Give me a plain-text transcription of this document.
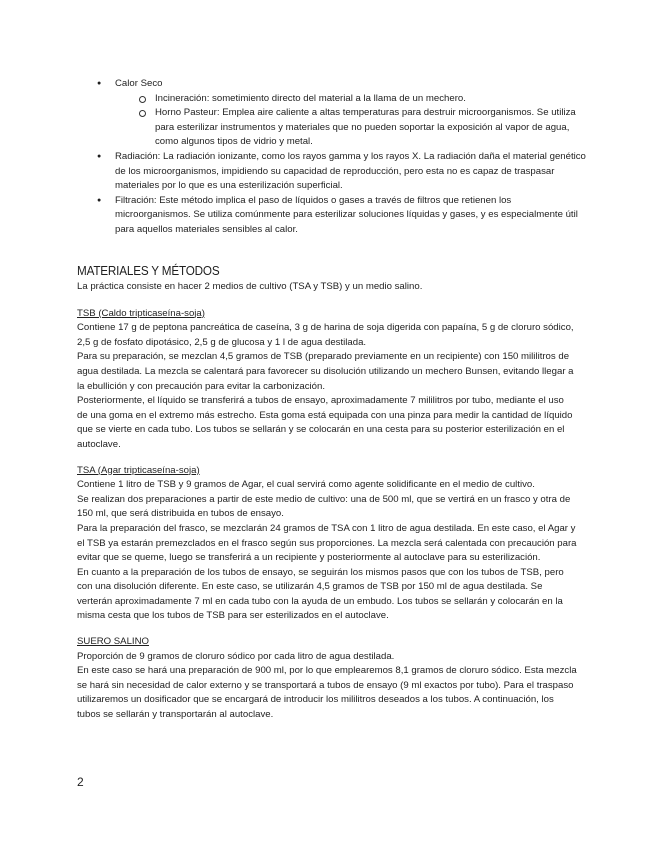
● Calor Seco
Incineración: sometimiento directo del material a la llama de un mechero.
Horno Pasteur: Emplea aire caliente a altas temperaturas para destruir microorganismos. Se utiliza para esterilizar instrumentos y materiales que no pueden soportar la exposición al vapor de agua, como algunos tipos de vidrio y metal.
● Radiación: La radiación ionizante, como los rayos gamma y los rayos X. La radiación daña el material genético de los microorganismos, impidiendo su capacidad de reproducción, pero esta no es capaz de traspasar materiales por lo que es una esterilización superficial.
● Filtración: Este método implica el paso de líquidos o gases a través de filtros que retienen los microorganismos. Se utiliza comúnmente para esterilizar soluciones líquidas y gases, y es especialmente útil para aquellos materiales sensibles al calor.
MATERIALES Y MÉTODOS

La práctica consiste en hacer 2 medios de cultivo (TSA y TSB) y un medio salino.

TSB (Caldo tripticaseína-soja)

Contiene 17 g de peptona pancreática de caseína, 3 g de harina de soja digerida con papaína, 5 g de cloruro sódico, 2,5 g de fosfato dipotásico, 2,5 g de glucosa y 1 l de agua destilada.

Para su preparación, se mezclan 4,5 gramos de TSB (preparado previamente en un recipiente) con 150 mililitros de agua destilada. La mezcla se calentará para favorecer su disolución utilizando un mechero Bunsen, evitando llegar a la ebullición y con precaución para evitar la carbonización.

Posteriormente, el líquido se transferirá a tubos de ensayo, aproximadamente 7 mililitros por tubo, mediante el uso de una goma en el extremo más estrecho. Esta goma está equipada con una pinza para medir la cantidad de líquido que se vierte en cada tubo. Los tubos se sellarán y se colocarán en una cesta para su posterior esterilización en el autoclave.

TSA (Agar tripticaseína-soja)

Contiene 1 litro de TSB y 9 gramos de Agar, el cual servirá como agente solidificante en el medio de cultivo.

Se realizan dos preparaciones a partir de este medio de cultivo: una de 500 ml, que se vertirá en un frasco y otra de 150 ml, que será distribuida en tubos de ensayo.

Para la preparación del frasco, se mezclarán 24 gramos de TSA con 1 litro de agua destilada. En este caso, el Agar y el TSB ya estarán premezclados en el frasco según sus proporciones. La mezcla será calentada con precaución para evitar que se queme, luego se transferirá a un recipiente y posteriormente al autoclave para su esterilización.

En cuanto a la preparación de los tubos de ensayo, se seguirán los mismos pasos que con los tubos de TSB, pero con una disolución diferente. En este caso, se utilizarán 4,5 gramos de TSB por 150 ml de agua destilada. Se verterán aproximadamente 7 ml en cada tubo con la ayuda de un embudo. Los tubos se sellarán y colocarán en la misma cesta que los tubos de TSB para ser esterilizados en el autoclave.

SUERO SALINO

Proporción de 9 gramos de cloruro sódico por cada litro de agua destilada.

En este caso se hará una preparación de 900 ml, por lo que emplearemos 8,1 gramos de cloruro sódico. Esta mezcla se hará sin necesidad de calor externo y se transportará a tubos de ensayo (9 ml exactos por tubo). Para el traspaso utilizaremos un dosificador que se encargará de introducir los mililitros deseados a los tubos. A continuación, los tubos se sellarán y transportarán al autoclave.

2
